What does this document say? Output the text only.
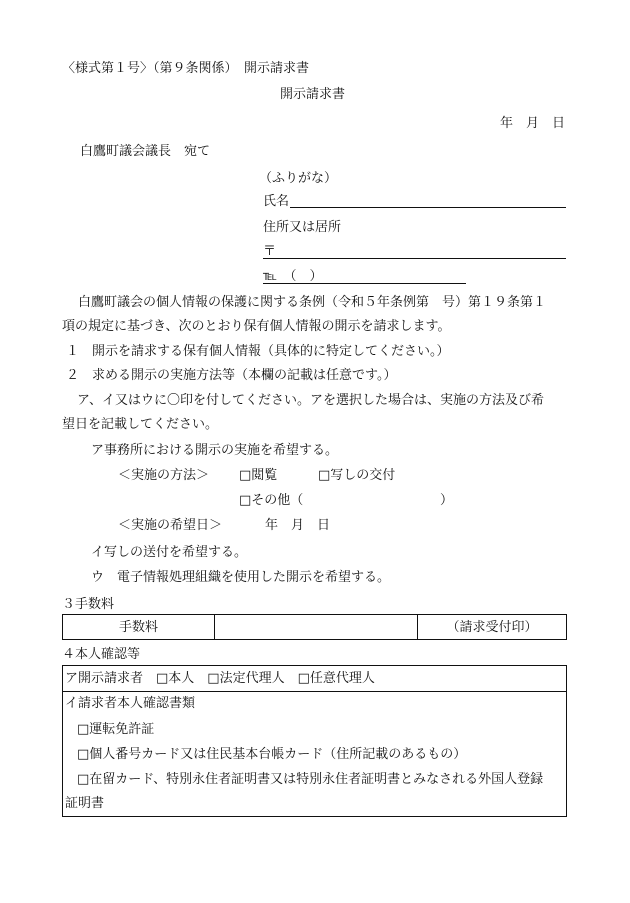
〈様式第１号〉（第９条関係）　開示請求書
開示請求書
年　月　日
白鷹町議会議長　宛て
（ふりがな）
氏名
住所又は居所
〒
℡　（　）
白鷹町議会の個人情報の保護に関する条例（令和５年条例第　号）第１９条第１
項の規定に基づき、次のとおり保有個人情報の開示を請求します。
１　開示を請求する保有個人情報（具体的に特定してください。）
２　求める開示の実施方法等（本欄の記載は任意です。）
ア、イ又はウに〇印を付してください。アを選択した場合は、実施の方法及び希
望日を記載してください。
ア事務所における開示の実施を希望する。
＜実施の方法＞ □閲覧	□写しの交付
□その他（	）
＜実施の希望日＞	年　月　日
イ写しの送付を希望する。
ウ　電子情報処理組織を使用した開示を希望する。
３手数料
手数料		（請求受付印）
４本人確認等
ア開示請求者　□本人　□法定代理人　□任意代理人
イ請求者本人確認書類
□運転免許証
□個人番号カード又は住民基本台帳カード（住所記載のあるもの）
□在留カード、特別永住者証明書又は特別永住者証明書とみなされる外国人登録
証明書
